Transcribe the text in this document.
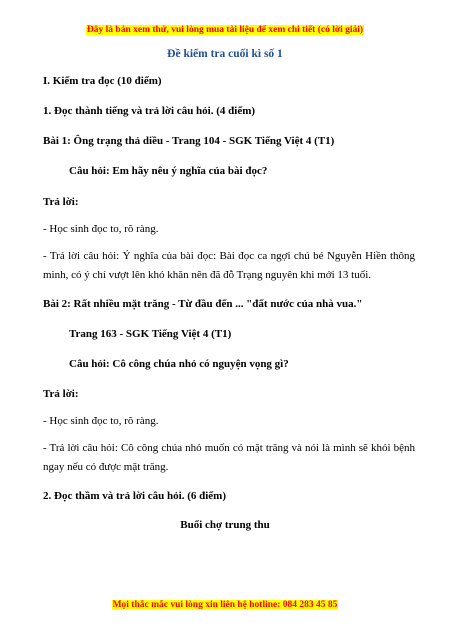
Đây là bản xem thử, vui lòng mua tài liệu để xem chi tiết (có lời giải)
Đề kiểm tra cuối kì số 1
I. Kiểm tra đọc (10 điểm)
1. Đọc thành tiếng và trả lời câu hỏi. (4 điểm)
Bài 1: Ông trạng thả diều - Trang 104 - SGK Tiếng Việt 4 (T1)
Câu hỏi: Em hãy nêu ý nghĩa của bài đọc?
Trả lời:
- Học sinh đọc to, rõ ràng.
- Trả lời câu hỏi: Ý nghĩa của bài đọc: Bài đọc ca ngợi chú bé Nguyễn Hiền thông minh, có ý chí vượt lên khó khăn nên đã đỗ Trạng nguyên khi mới 13 tuổi.
Bài 2: Rất nhiều mặt trăng - Từ đầu đến ... "đất nước của nhà vua."
Trang 163 - SGK Tiếng Việt 4 (T1)
Câu hỏi: Cô công chúa nhỏ có nguyện vọng gì?
Trả lời:
- Học sinh đọc to, rõ ràng.
- Trả lời câu hỏi: Cô công chúa nhỏ muốn có mặt trăng và nói là mình sẽ khỏi bệnh ngay nếu có được mặt trăng.
2. Đọc thầm và trả lời câu hỏi. (6 điểm)
Buổi chợ trung thu
Mọi thắc mắc vui lòng xin liên hệ hotline: 084 283 45 85
